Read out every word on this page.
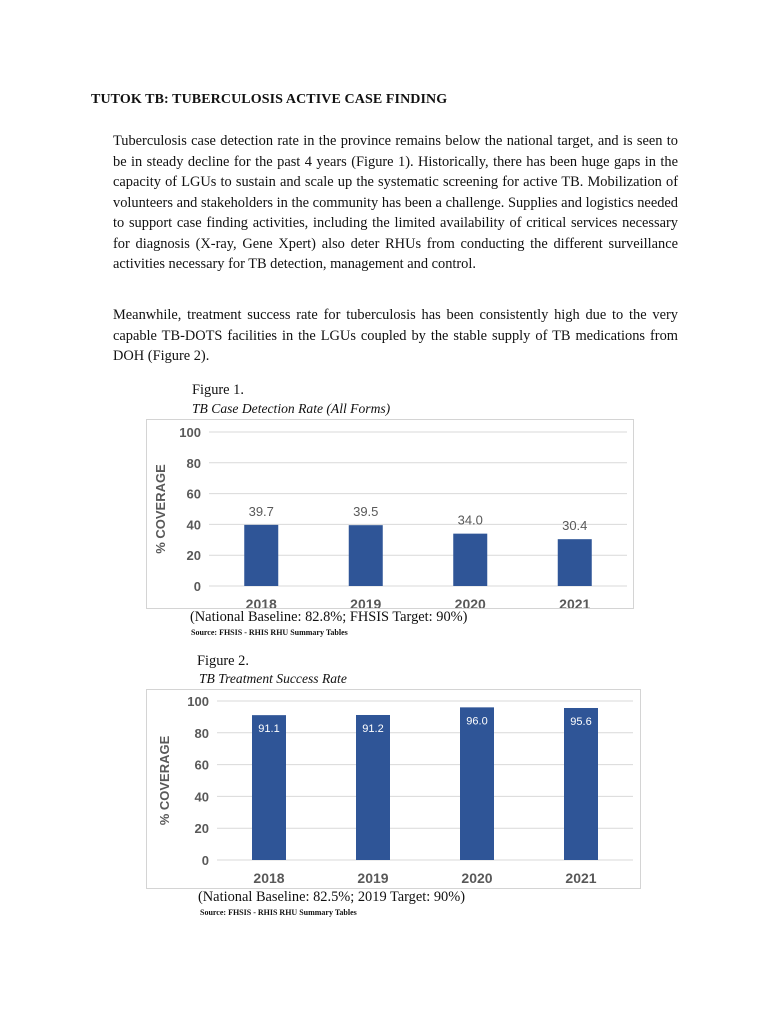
TUTOK TB: TUBERCULOSIS ACTIVE CASE FINDING

Tuberculosis case detection rate in the province remains below the national target, and is seen to be in steady decline for the past 4 years (Figure 1). Historically, there has been huge gaps in the capacity of LGUs to sustain and scale up the systematic screening for active TB. Mobilization of volunteers and stakeholders in the community has been a challenge. Supplies and logistics needed to support case finding activities, including the limited availability of critical services necessary for diagnosis (X-ray, Gene Xpert) also deter RHUs from conducting the different surveillance activities necessary for TB detection, management and control.

Meanwhile, treatment success rate for tuberculosis has been consistently high due to the very capable TB-DOTS facilities in the LGUs coupled by the stable supply of TB medications from DOH (Figure 2).

Figure 1.

TB Case Detection Rate (All Forms)

0
20
40
60
80
100
% COVERAGE	39.7
2018
39.5
2019
34.0
2020
30.4
2021

(National Baseline: 82.8%; FHSIS Target: 90%)

Source: FHSIS - RHIS RHU Summary Tables

Figure 2.

TB Treatment Success Rate

0
20
40
60
80
100
% COVERAGE
91.1
2018
91.2
2019
96.0
2020
95.6
2021

(National Baseline: 82.5%; 2019 Target: 90%)

Source: FHSIS - RHIS RHU Summary Tables
